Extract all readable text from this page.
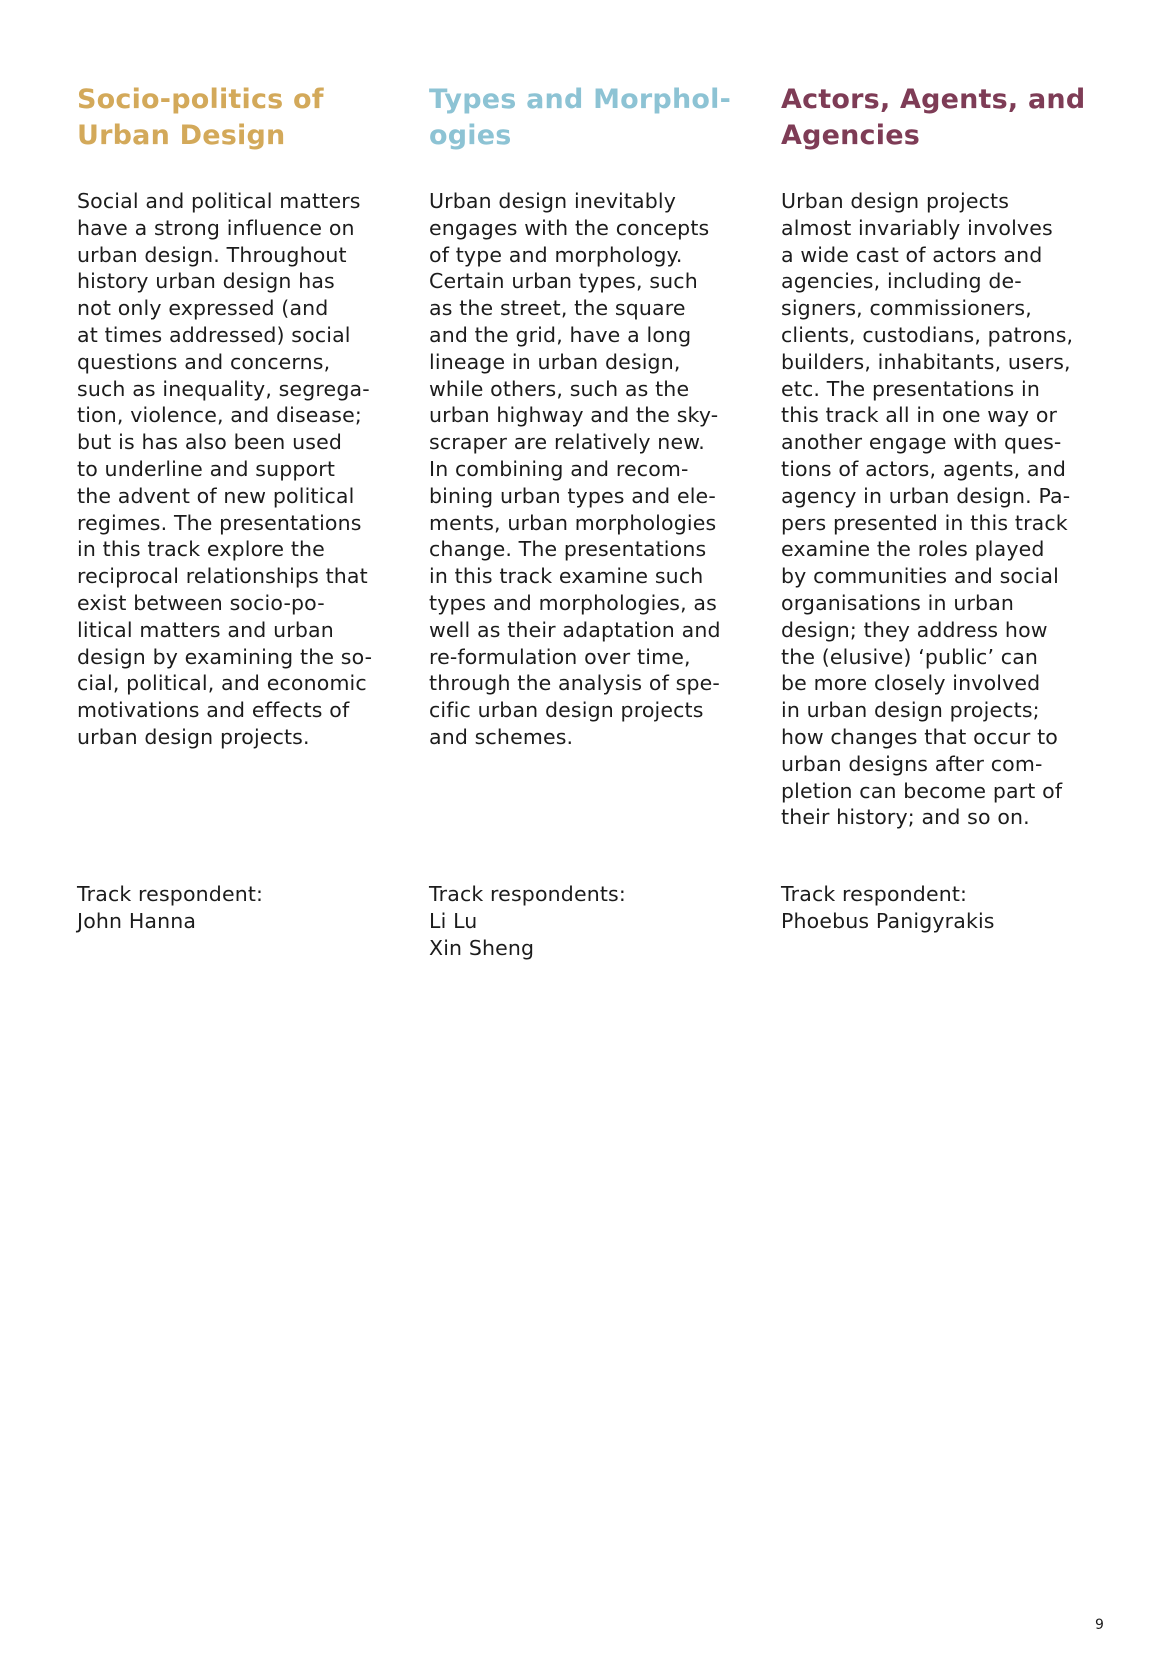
Socio-politics of
Urban Design
Social and political matters
have a strong influence on
urban design. Throughout
history urban design has
not only expressed (and
at times addressed) social
questions and concerns,
such as inequality, segrega-
tion, violence, and disease;
but is has also been used
to underline and support
the advent of new political
regimes. The presentations
in this track explore the
reciprocal relationships that
exist between socio-po-
litical matters and urban
design by examining the so-
cial, political, and economic
motivations and effects of
urban design projects.
Track respondent:
John Hanna
Types and Morphol-
ogies
Urban design inevitably
engages with the concepts
of type and morphology.
Certain urban types, such
as the street, the square
and the grid, have a long
lineage in urban design,
while others, such as the
urban highway and the sky-
scraper are relatively new.
In combining and recom-
bining urban types and ele-
ments, urban morphologies
change. The presentations
in this track examine such
types and morphologies, as
well as their adaptation and
re-formulation over time,
through the analysis of spe-
cific urban design projects
and schemes.
Track respondents:
Li Lu
Xin Sheng
Actors, Agents, and
Agencies
Urban design projects
almost invariably involves
a wide cast of actors and
agencies, including de-
signers, commissioners,
clients, custodians, patrons,
builders, inhabitants, users,
etc. The presentations in
this track all in one way or
another engage with ques-
tions of actors, agents, and
agency in urban design. Pa-
pers presented in this track
examine the roles played
by communities and social
organisations in urban
design; they address how
the (elusive) ‘public’ can
be more closely involved
in urban design projects;
how changes that occur to
urban designs after com-
pletion can become part of
their history; and so on.
Track respondent:
Phoebus Panigyrakis
9
